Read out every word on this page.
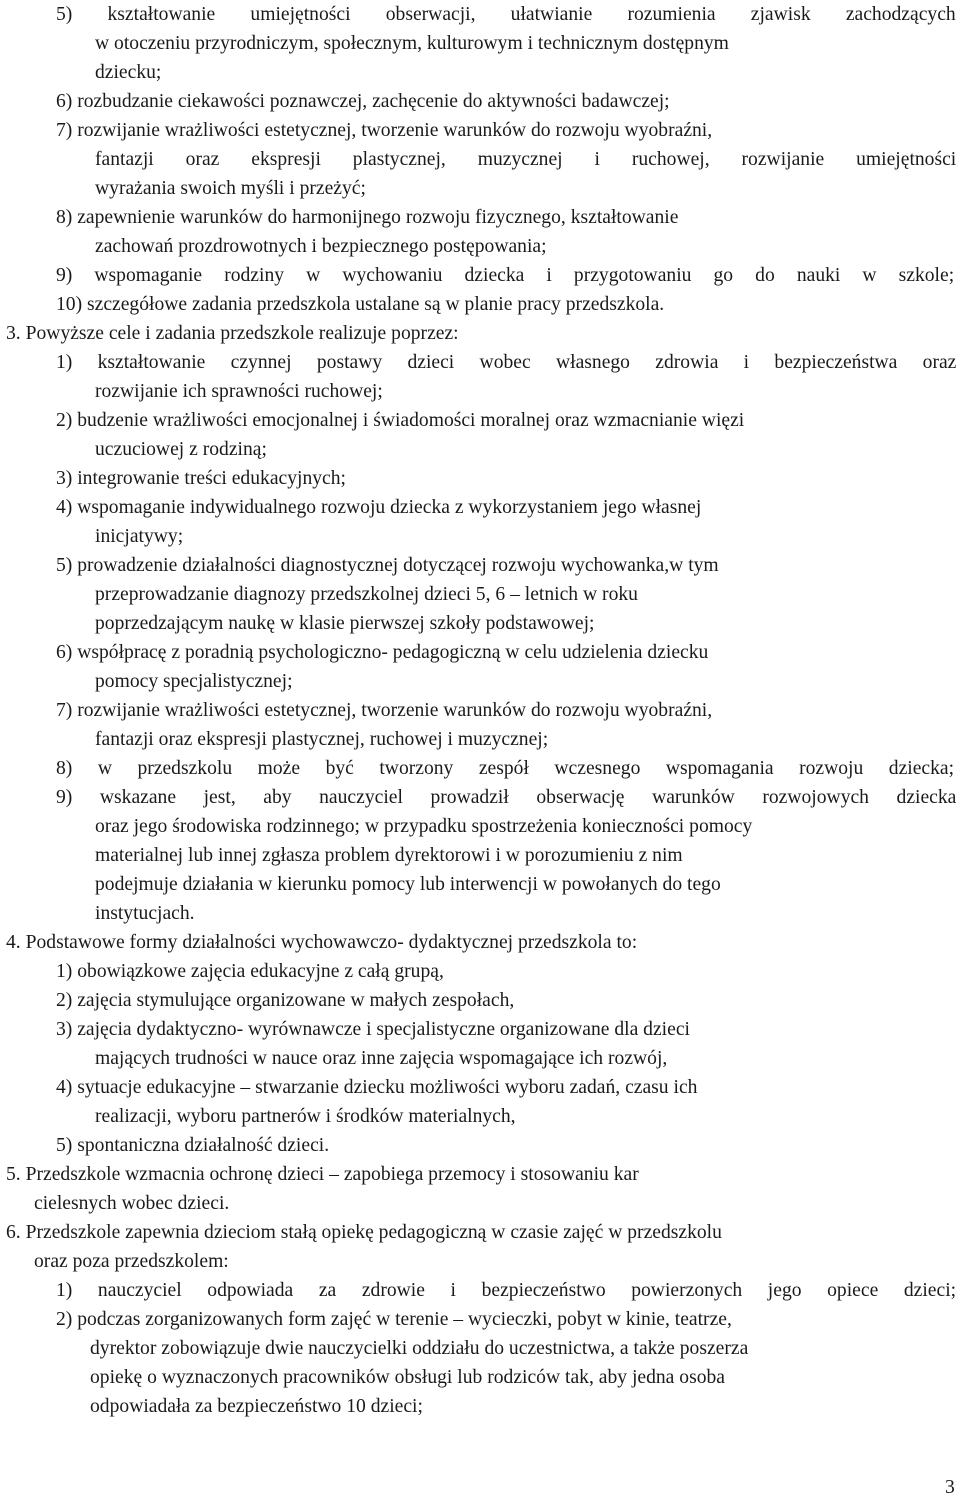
5) kształtowanie umiejętności obserwacji, ułatwianie rozumienia zjawisk zachodzących
w otoczeniu przyrodniczym, społecznym, kulturowym i technicznym dostępnym
dziecku;
6) rozbudzanie ciekawości poznawczej, zachęcenie do aktywności badawczej;
7) rozwijanie wrażliwości estetycznej, tworzenie warunków do rozwoju wyobraźni,
fantazji oraz ekspresji plastycznej, muzycznej i ruchowej, rozwijanie umiejętności
wyrażania swoich myśli i przeżyć;
8) zapewnienie warunków do harmonijnego rozwoju fizycznego, kształtowanie
zachowań prozdrowotnych i bezpiecznego postępowania;
9) wspomaganie rodziny w wychowaniu dziecka i przygotowaniu go do nauki w szkole;
10) szczegółowe zadania przedszkola ustalane są w planie pracy przedszkola.
3. Powyższe cele i zadania przedszkole realizuje poprzez:
1) kształtowanie czynnej postawy dzieci wobec własnego zdrowia i bezpieczeństwa oraz
rozwijanie ich sprawności ruchowej;
2) budzenie wrażliwości emocjonalnej i świadomości moralnej oraz wzmacnianie więzi
uczuciowej z rodziną;
3) integrowanie treści edukacyjnych;
4) wspomaganie indywidualnego rozwoju dziecka z wykorzystaniem jego własnej
inicjatywy;
5) prowadzenie działalności diagnostycznej dotyczącej rozwoju wychowanka,w tym
przeprowadzanie diagnozy przedszkolnej dzieci 5, 6 – letnich w roku
poprzedzającym naukę w klasie pierwszej szkoły podstawowej;
6) współpracę z poradnią psychologiczno- pedagogiczną w celu udzielenia dziecku
pomocy specjalistycznej;
7) rozwijanie wrażliwości estetycznej, tworzenie warunków do rozwoju wyobraźni,
fantazji oraz ekspresji plastycznej, ruchowej i muzycznej;
8) w przedszkolu może być tworzony zespół wczesnego wspomagania rozwoju dziecka;
9) wskazane jest, aby nauczyciel prowadził obserwację warunków rozwojowych dziecka
oraz jego środowiska rodzinnego; w przypadku spostrzeżenia konieczności pomocy
materialnej lub innej zgłasza problem dyrektorowi i w porozumieniu z nim
podejmuje działania w kierunku pomocy lub interwencji w powołanych do tego
instytucjach.
4. Podstawowe formy działalności wychowawczo- dydaktycznej przedszkola to:
1) obowiązkowe zajęcia edukacyjne z całą grupą,
2) zajęcia stymulujące organizowane w małych zespołach,
3) zajęcia dydaktyczno- wyrównawcze i specjalistyczne organizowane dla dzieci
mających trudności w nauce oraz inne zajęcia wspomagające ich rozwój,
4) sytuacje edukacyjne – stwarzanie dziecku możliwości wyboru zadań, czasu ich
realizacji, wyboru partnerów i środków materialnych,
5) spontaniczna działalność dzieci.
5. Przedszkole wzmacnia ochronę dzieci – zapobiega przemocy i stosowaniu kar
cielesnych wobec dzieci.
6. Przedszkole zapewnia dzieciom stałą opiekę pedagogiczną w czasie zajęć w przedszkolu
oraz poza przedszkolem:
1) nauczyciel odpowiada za zdrowie i bezpieczeństwo powierzonych jego opiece dzieci;
2) podczas zorganizowanych form zajęć w terenie – wycieczki, pobyt w kinie, teatrze,
dyrektor zobowiązuje dwie nauczycielki oddziału do uczestnictwa, a także poszerza
opiekę o wyznaczonych pracowników obsługi lub rodziców tak, aby jedna osoba
odpowiadała za bezpieczeństwo 10 dzieci;
3
